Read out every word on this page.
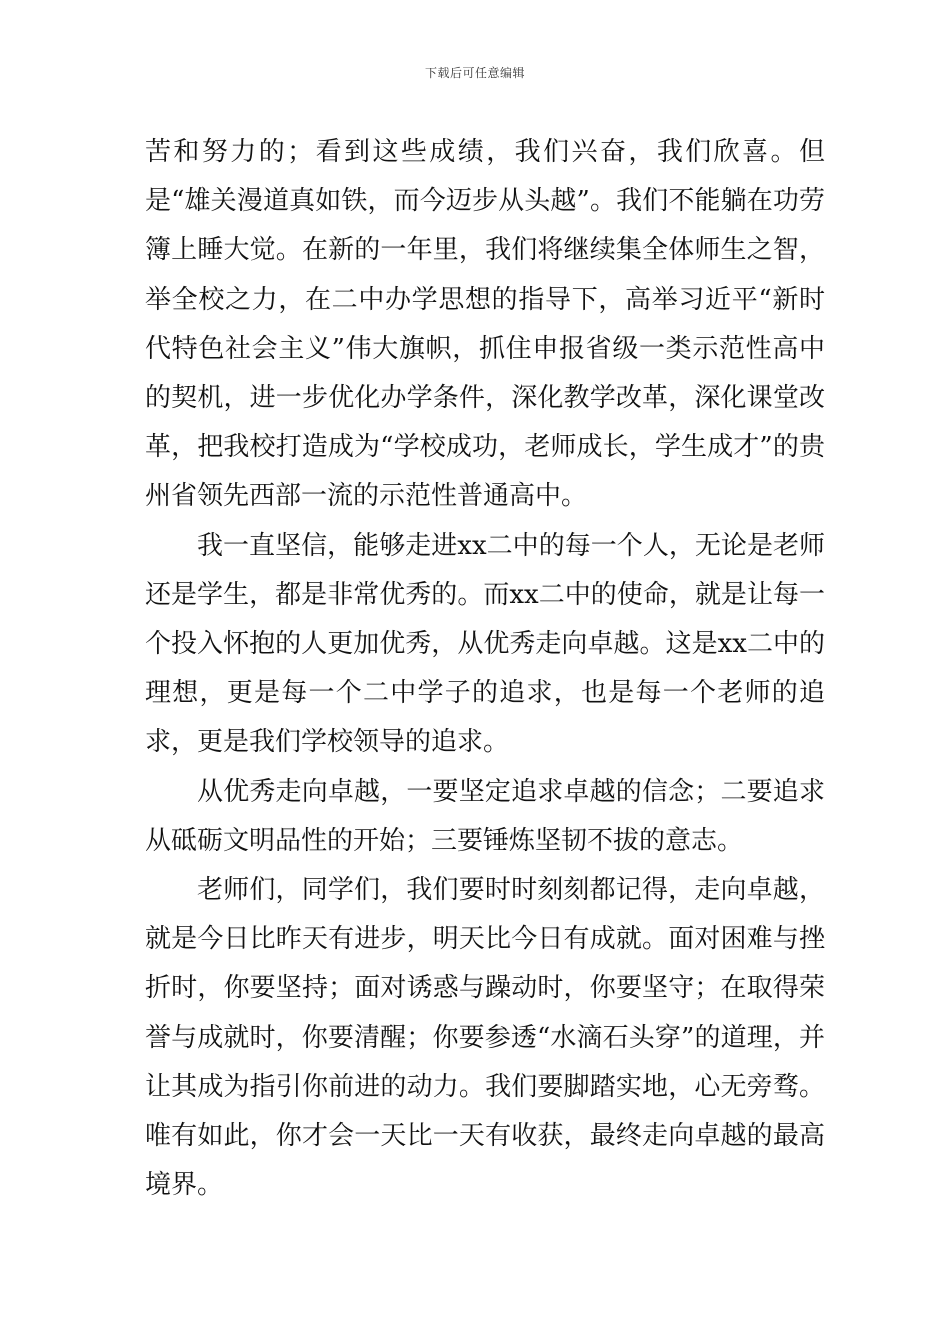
下载后可任意编辑

苦和努力的；看到这些成绩，我们兴奋，我们欣喜。但是“雄关漫道真如铁，而今迈步从头越”。我们不能躺在功劳簿上睡大觉。在新的一年里，我们将继续集全体师生之智，举全校之力，在二中办学思想的指导下，高举习近平“新时代特色社会主义”伟大旗帜，抓住申报省级一类示范性高中的契机，进一步优化办学条件，深化教学改革，深化课堂改革，把我校打造成为“学校成功，老师成长，学生成才”的贵州省领先西部一流的示范性普通高中。

我一直坚信，能够走进xx二中的每一个人，无论是老师还是学生，都是非常优秀的。而xx二中的使命，就是让每一个投入怀抱的人更加优秀，从优秀走向卓越。这是xx二中的理想，更是每一个二中学子的追求，也是每一个老师的追求，更是我们学校领导的追求。

从优秀走向卓越，一要坚定追求卓越的信念；二要追求从砥砺文明品性的开始；三要锤炼坚韧不拔的意志。

老师们，同学们，我们要时时刻刻都记得，走向卓越，就是今日比昨天有进步，明天比今日有成就。面对困难与挫折时，你要坚持；面对诱惑与躁动时，你要坚守；在取得荣誉与成就时，你要清醒；你要参透“水滴石头穿”的道理，并让其成为指引你前进的动力。我们要脚踏实地，心无旁骛。唯有如此，你才会一天比一天有收获，最终走向卓越的最高境界。
